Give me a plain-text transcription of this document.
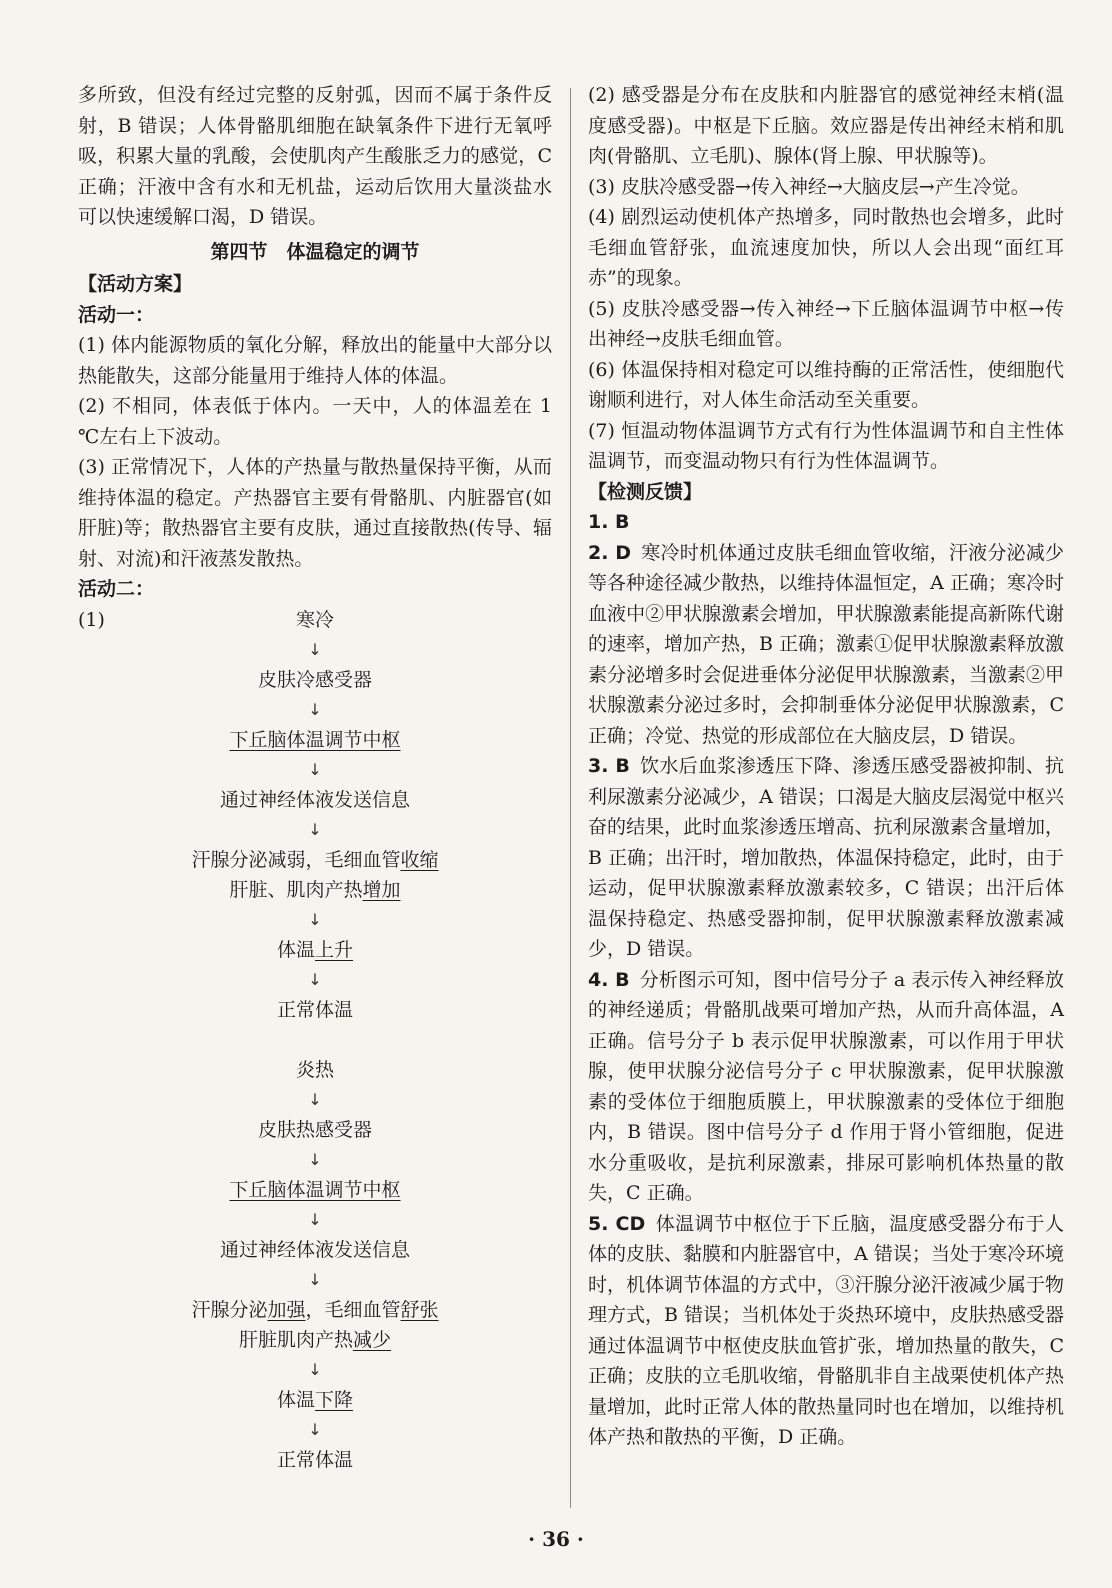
多所致，但没有经过完整的反射弧，因而不属于条件反射，B 错误；人体骨骼肌细胞在缺氧条件下进行无氧呼吸，积累大量的乳酸，会使肌肉产生酸胀乏力的感觉，C 正确；汗液中含有水和无机盐，运动后饮用大量淡盐水可以快速缓解口渴，D 错误。

第四节　体温稳定的调节

【活动方案】

活动一：

(1) 体内能源物质的氧化分解，释放出的能量中大部分以热能散失，这部分能量用于维持人体的体温。

(2) 不相同，体表低于体内。一天中，人的体温差在 1 ℃左右上下波动。

(3) 正常情况下，人体的产热量与散热量保持平衡，从而维持体温的稳定。产热器官主要有骨骼肌、内脏器官(如肝脏)等；散热器官主要有皮肤，通过直接散热(传导、辐射、对流)和汗液蒸发散热。

活动二：

(1)	寒冷
↓
皮肤冷感受器
↓
下丘脑体温调节中枢
↓
通过神经体液发送信息
↓
汗腺分泌减弱，毛细血管收缩
肝脏、肌肉产热增加
↓
体温上升
↓
正常体温
炎热
↓
皮肤热感受器
↓
下丘脑体温调节中枢
↓
通过神经体液发送信息
↓
汗腺分泌加强，毛细血管舒张
肝脏肌肉产热减少
↓
体温下降
↓
正常体温

(2) 感受器是分布在皮肤和内脏器官的感觉神经末梢(温度感受器)。中枢是下丘脑。效应器是传出神经末梢和肌肉(骨骼肌、立毛肌)、腺体(肾上腺、甲状腺等)。

(3) 皮肤冷感受器→传入神经→大脑皮层→产生冷觉。

(4) 剧烈运动使机体产热增多，同时散热也会增多，此时毛细血管舒张，血流速度加快，所以人会出现“面红耳赤”的现象。

(5) 皮肤冷感受器→传入神经→下丘脑体温调节中枢→传出神经→皮肤毛细血管。

(6) 体温保持相对稳定可以维持酶的正常活性，使细胞代谢顺利进行，对人体生命活动至关重要。

(7) 恒温动物体温调节方式有行为性体温调节和自主性体温调节，而变温动物只有行为性体温调节。

【检测反馈】

1. B

2. D 寒冷时机体通过皮肤毛细血管收缩，汗液分泌减少等各种途径减少散热，以维持体温恒定，A 正确；寒冷时血液中②甲状腺激素会增加，甲状腺激素能提高新陈代谢的速率，增加产热，B 正确；激素①促甲状腺激素释放激素分泌增多时会促进垂体分泌促甲状腺激素，当激素②甲状腺激素分泌过多时，会抑制垂体分泌促甲状腺激素，C 正确；冷觉、热觉的形成部位在大脑皮层，D 错误。

3. B 饮水后血浆渗透压下降、渗透压感受器被抑制、抗利尿激素分泌减少，A 错误；口渴是大脑皮层渴觉中枢兴奋的结果，此时血浆渗透压增高、抗利尿激素含量增加，B 正确；出汗时，增加散热，体温保持稳定，此时，由于运动，促甲状腺激素释放激素较多，C 错误；出汗后体温保持稳定、热感受器抑制，促甲状腺激素释放激素减少，D 错误。

4. B 分析图示可知，图中信号分子 a 表示传入神经释放的神经递质；骨骼肌战栗可增加产热，从而升高体温，A 正确。信号分子 b 表示促甲状腺激素，可以作用于甲状腺，使甲状腺分泌信号分子 c 甲状腺激素，促甲状腺激素的受体位于细胞质膜上，甲状腺激素的受体位于细胞内，B 错误。图中信号分子 d 作用于肾小管细胞，促进水分重吸收，是抗利尿激素，排尿可影响机体热量的散失，C 正确。

5. CD 体温调节中枢位于下丘脑，温度感受器分布于人体的皮肤、黏膜和内脏器官中，A 错误；当处于寒冷环境时，机体调节体温的方式中，③汗腺分泌汗液减少属于物理方式，B 错误；当机体处于炎热环境中，皮肤热感受器通过体温调节中枢使皮肤血管扩张，增加热量的散失，C 正确；皮肤的立毛肌收缩，骨骼肌非自主战栗使机体产热量增加，此时正常人体的散热量同时也在增加，以维持机体产热和散热的平衡，D 正确。

· 36 ·
